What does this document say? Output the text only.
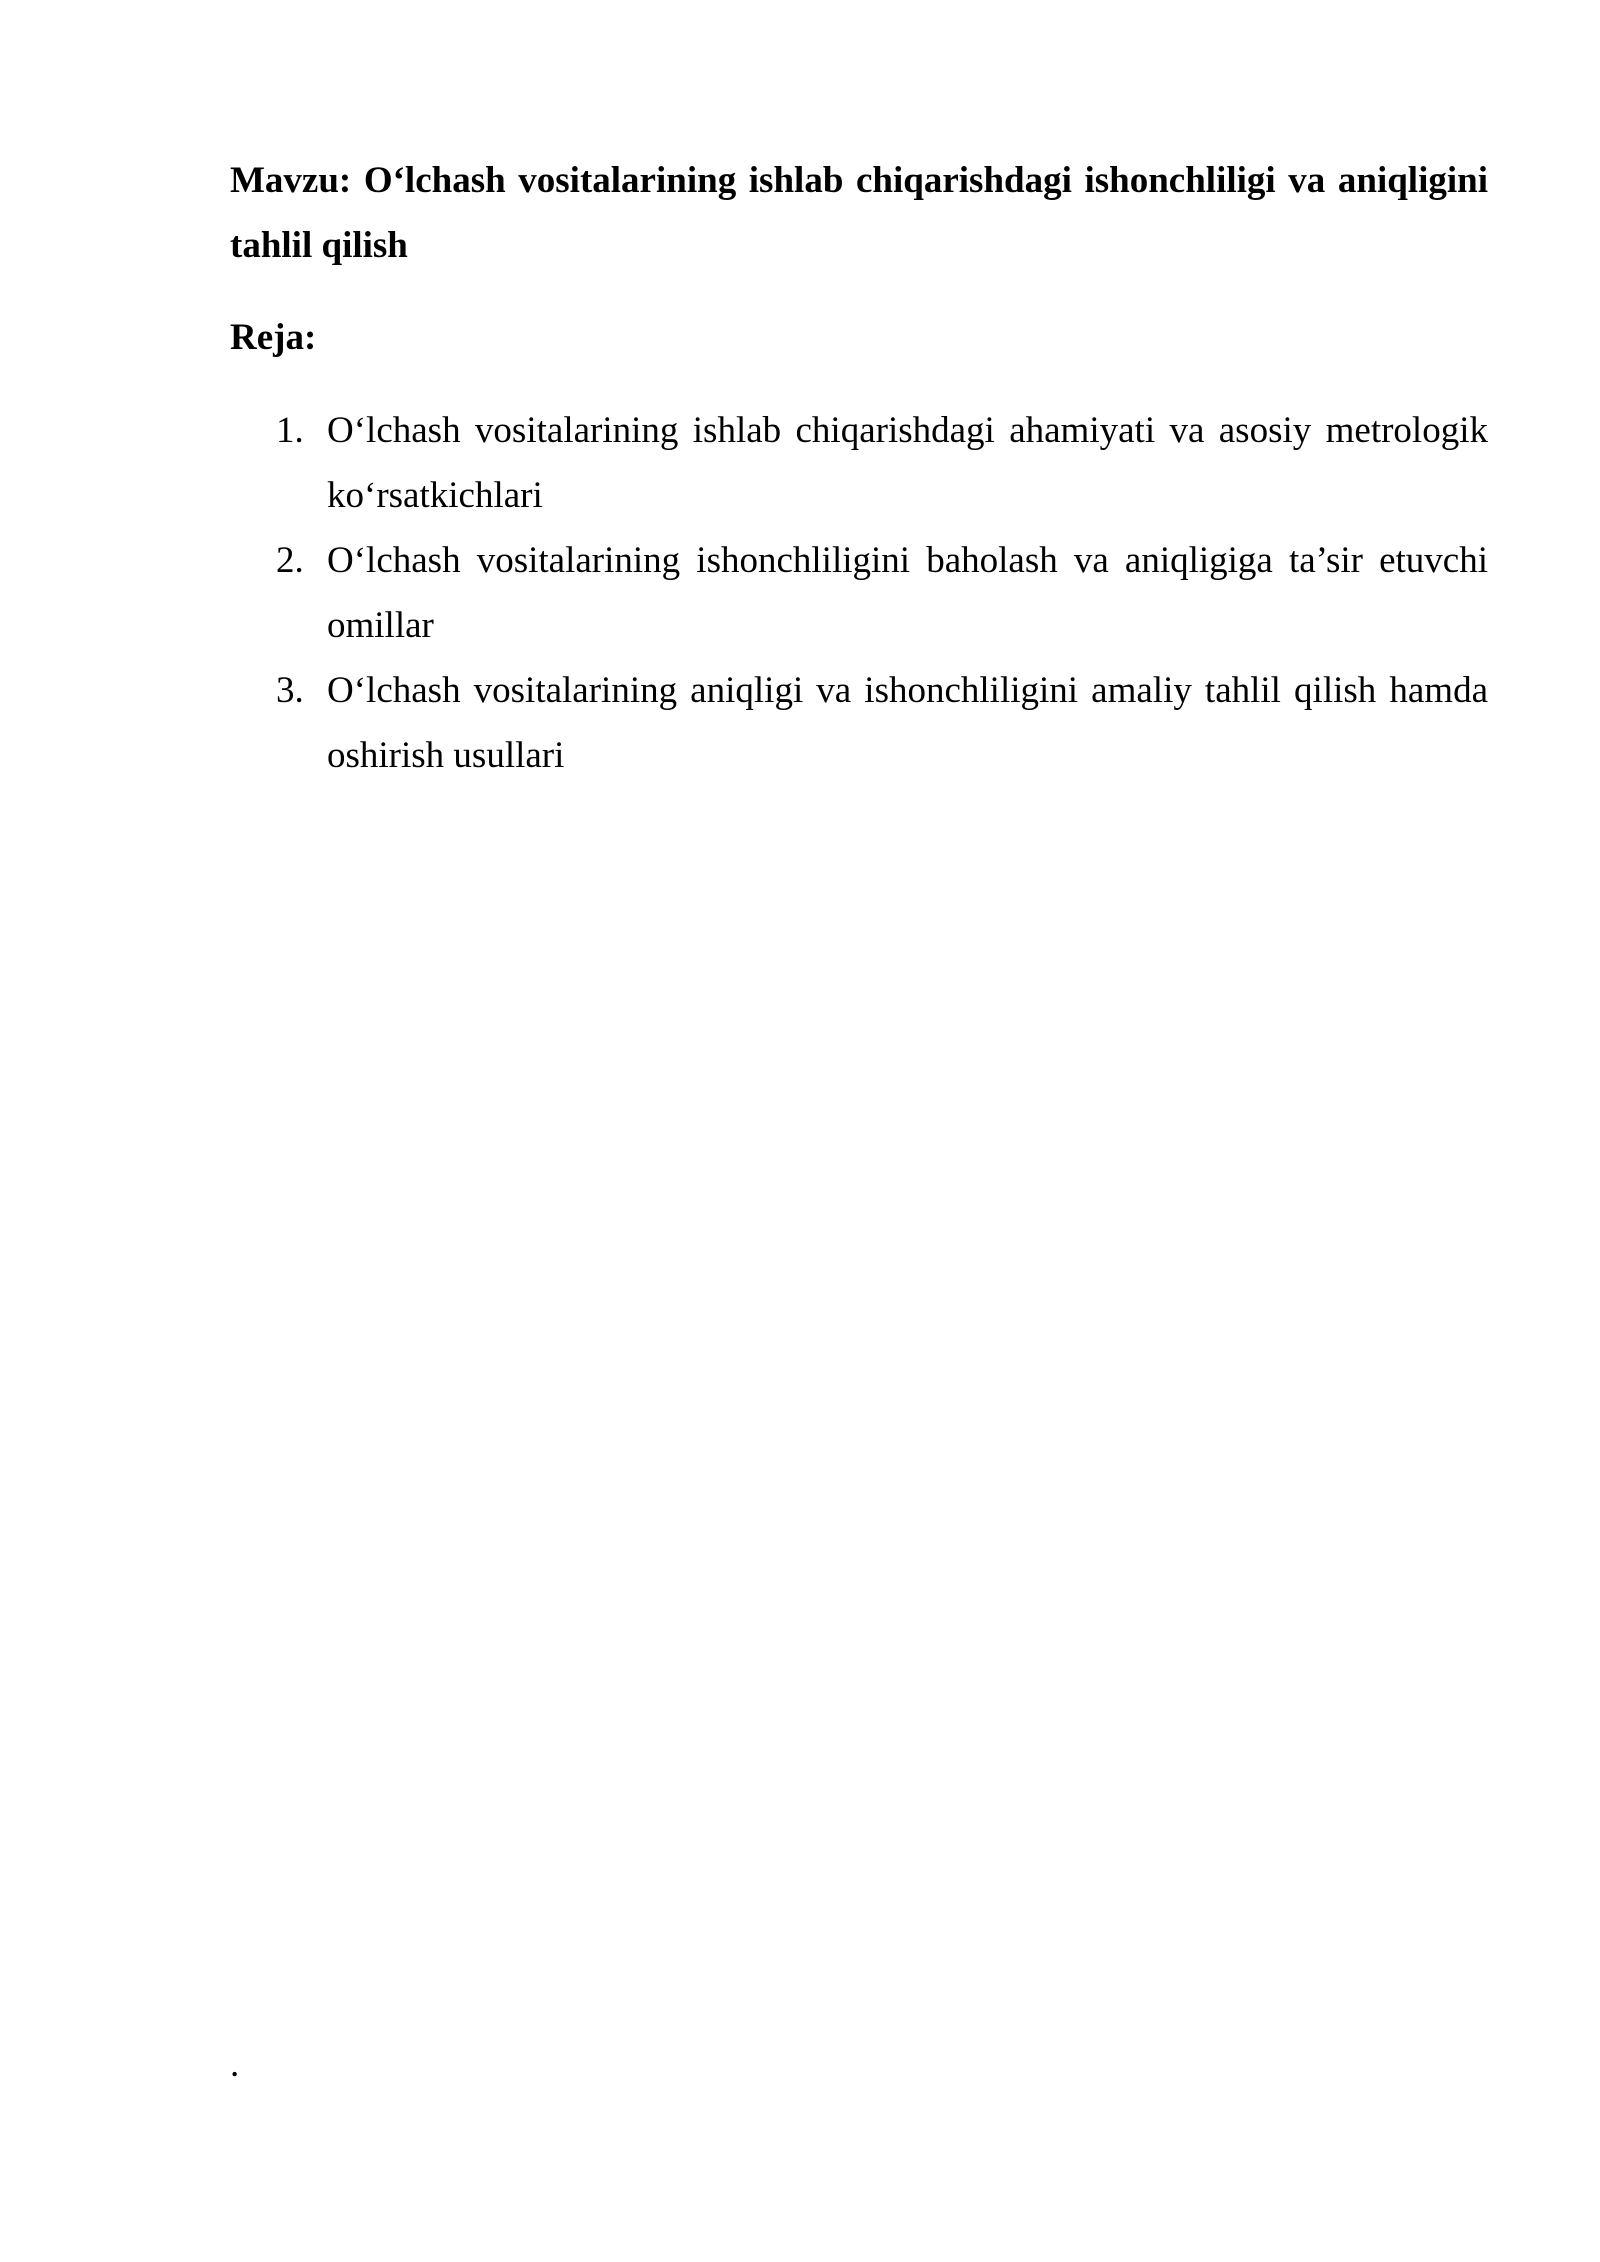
Mavzu: O‘lchash vositalarining ishlab chiqarishdagi ishonchliligi va aniqligini tahlil qilish

Reja:

1. O‘lchash vositalarining ishlab chiqarishdagi ahamiyati va asosiy metrologik ko‘rsatkichlari
2. O‘lchash vositalarining ishonchliligini baholash va aniqligiga ta’sir etuvchi omillar
3. O‘lchash vositalarining aniqligi va ishonchliligini amaliy tahlil qilish hamda oshirish usullari
.
